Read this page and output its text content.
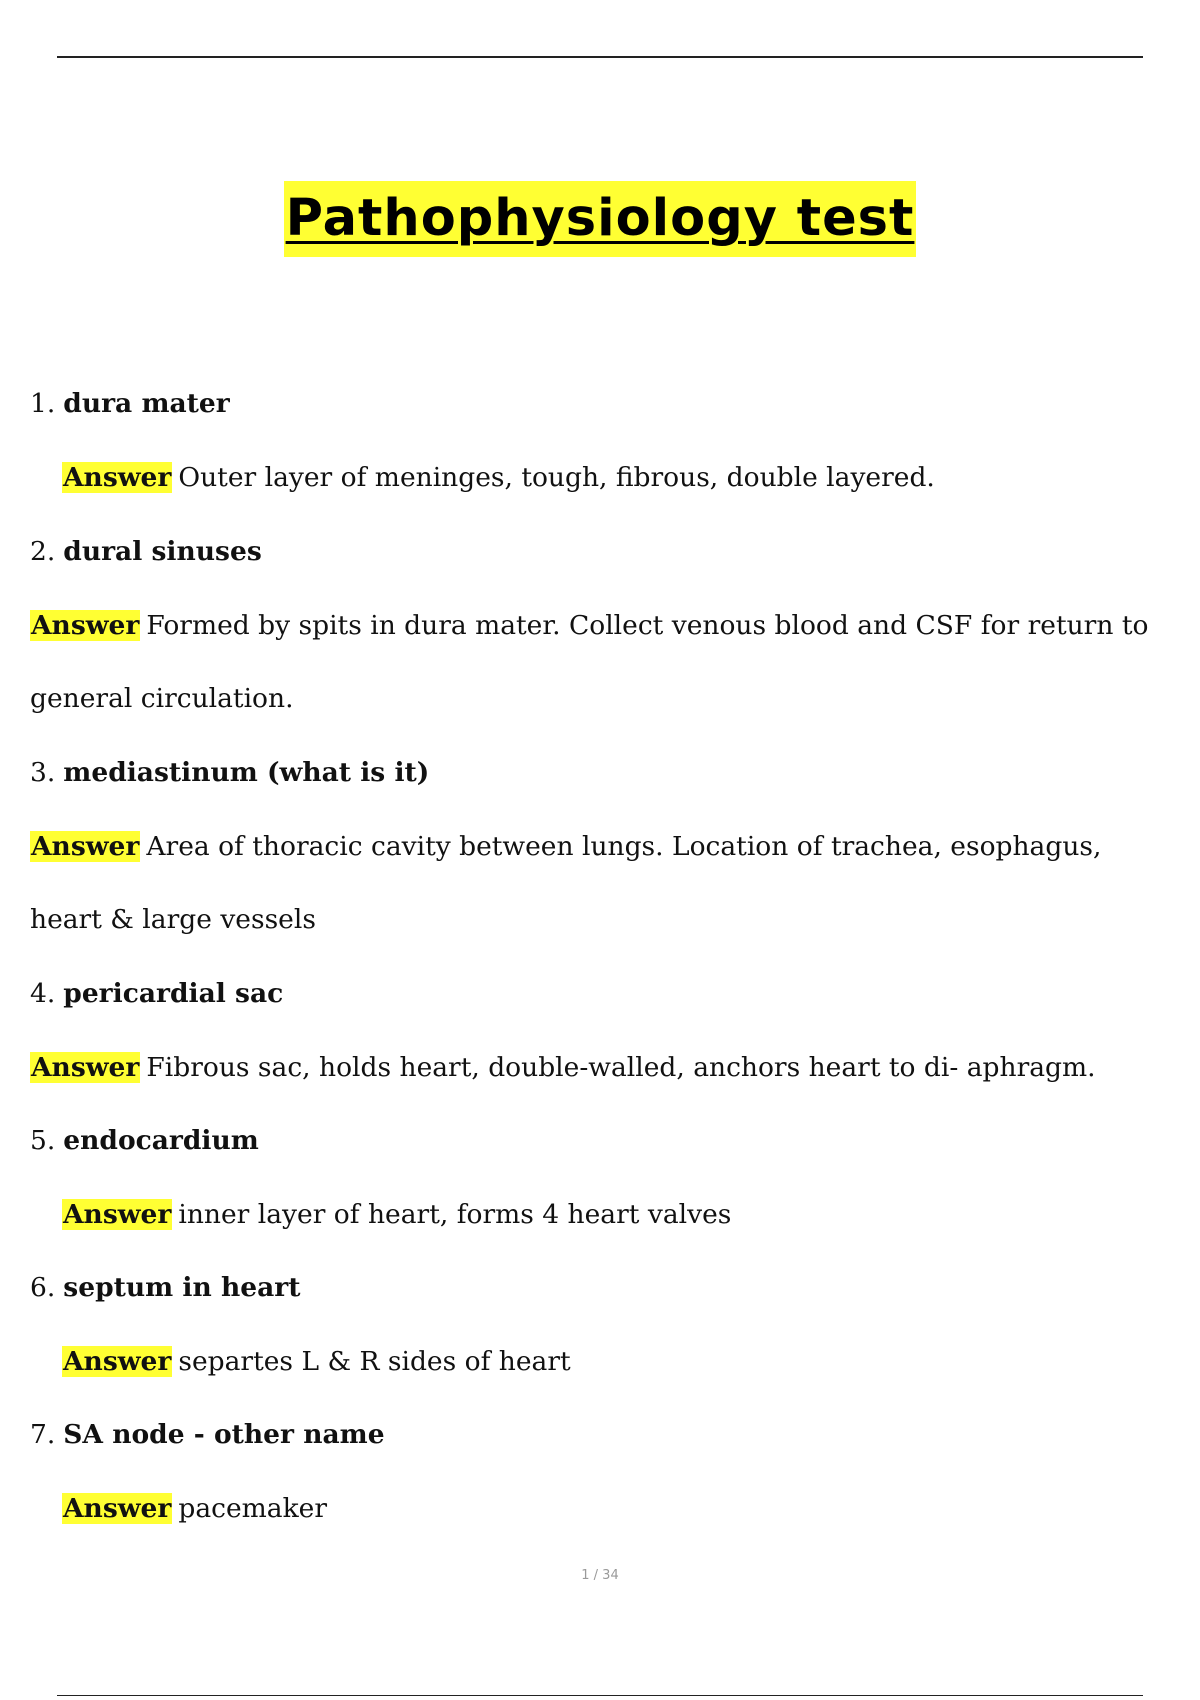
Pathophysiology test
1. dura mater
Answer Outer layer of meninges, tough, fibrous, double layered.
2. dural sinuses
Answer Formed by spits in dura mater. Collect venous blood and CSF for return to
general circulation.
3. mediastinum (what is it)
Answer Area of thoracic cavity between lungs. Location of trachea, esophagus,
heart & large vessels
4. pericardial sac
Answer Fibrous sac, holds heart, double-walled, anchors heart to di- aphragm.
5. endocardium
Answer inner layer of heart, forms 4 heart valves
6. septum in heart
Answer separtes L & R sides of heart
7. SA node - other name
Answer pacemaker
1 / 34
